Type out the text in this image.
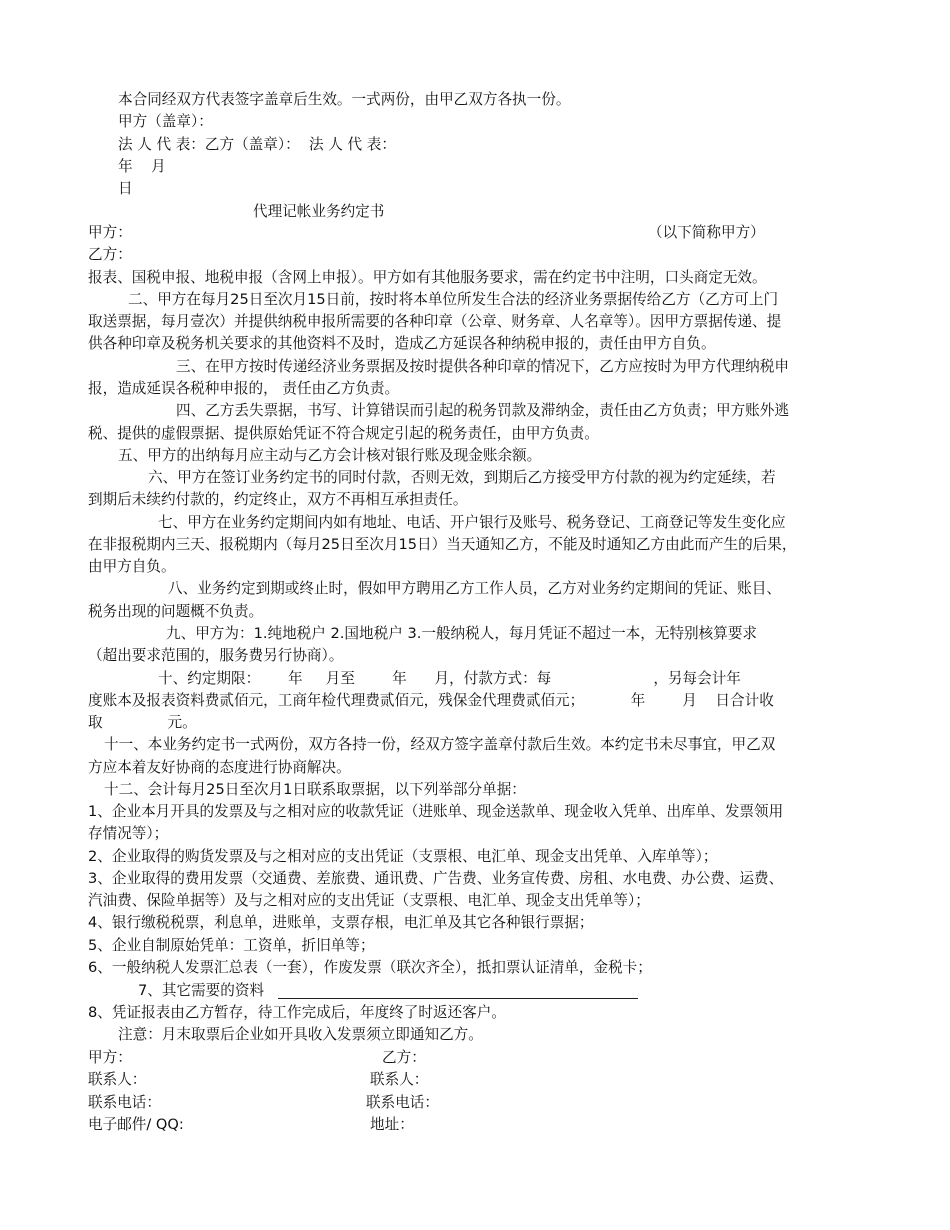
本合同经双方代表签字盖章后生效。一式两份，由甲乙双方各执一份。
甲方（盖章）：
法 人 代 表：乙方（盖章）：  法 人 代 表：
年    月
日
代理记帐业务约定书
甲方：	（以下简称甲方）
乙方：
报表、国税申报、地税申报（含网上申报）。甲方如有其他服务要求，需在约定书中注明，口头商定无效。
二、甲方在每月25日至次月15日前，按时将本单位所发生合法的经济业务票据传给乙方（乙方可上门
取送票据，每月壹次）并提供纳税申报所需要的各种印章（公章、财务章、人名章等）。因甲方票据传递、提
供各种印章及税务机关要求的其他资料不及时，造成乙方延误各种纳税申报的，责任由甲方自负。
三、在甲方按时传递经济业务票据及按时提供各种印章的情况下，乙方应按时为甲方代理纳税申
报，造成延误各税种申报的， 责任由乙方负责。
四、乙方丢失票据，书写、计算错误而引起的税务罚款及滞纳金，责任由乙方负责；甲方账外逃
税、提供的虚假票据、提供原始凭证不符合规定引起的税务责任，由甲方负责。
五、甲方的出纳每月应主动与乙方会计核对银行账及现金账余额。
六、甲方在签订业务约定书的同时付款，否则无效，到期后乙方接受甲方付款的视为约定延续，若
到期后未续约付款的，约定终止，双方不再相互承担责任。
七、甲方在业务约定期间内如有地址、电话、开户银行及账号、税务登记、工商登记等发生变化应
在非报税期内三天、报税期内（每月25日至次月15日）当天通知乙方，不能及时通知乙方由此而产生的后果，
由甲方自负。
八、业务约定到期或终止时，假如甲方聘用乙方工作人员，乙方对业务约定期间的凭证、账目、
税务出现的问题概不负责。
九、甲方为：1.纯地税户 2.国地税户 3.一般纳税人，每月凭证不超过一本，无特别核算要求
（超出要求范围的，服务费另行协商）。
十、约定期限：      年     月至        年      月，付款方式：每                      ，另每会计年
度账本及报表资料费贰佰元，工商年检代理费贰佰元，残保金代理费贰佰元；          年        月    日合计收
取              元。
十一、本业务约定书一式两份，双方各持一份，经双方签字盖章付款后生效。本约定书未尽事宜，甲乙双
方应本着友好协商的态度进行协商解决。
十二、会计每月25日至次月1日联系取票据，以下列举部分单据：
1、企业本月开具的发票及与之相对应的收款凭证（进账单、现金送款单、现金收入凭单、出库单、发票领用
存情况等）；
2、企业取得的购货发票及与之相对应的支出凭证（支票根、电汇单、现金支出凭单、入库单等）；
3、企业取得的费用发票（交通费、差旅费、通讯费、广告费、业务宣传费、房租、水电费、办公费、运费、
汽油费、保险单据等）及与之相对应的支出凭证（支票根、电汇单、现金支出凭单等）；
4、银行缴税税票，利息单，进账单，支票存根，电汇单及其它各种银行票据；
5、企业自制原始凭单：工资单，折旧单等；
6、一般纳税人发票汇总表（一套），作废发票（联次齐全），抵扣票认证清单，金税卡；
7、其它需要的资料
8、凭证报表由乙方暂存，待工作完成后，年度终了时返还客户。
注意：月末取票后企业如开具收入发票须立即通知乙方。
甲方：	乙方：
联系人：	联系人：
联系电话：	联系电话：
电子邮件/ QQ:	地址：
